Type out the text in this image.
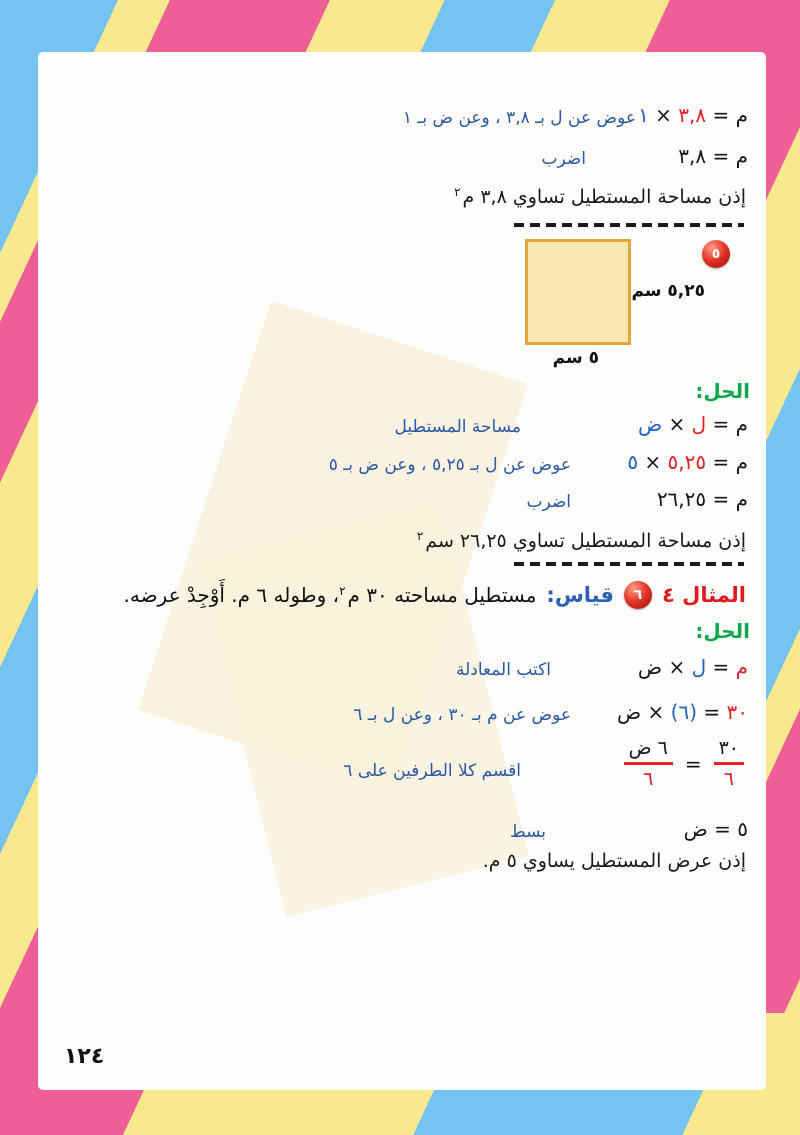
م = ٣,٨ × ١
عوض عن ل بـ ٣,٨ ، وعن ض بـ ١
م = ٣,٨
اضرب
إذن مساحة المستطيل تساوي ٣,٨ م$^٢$
٥
٥,٢٥ سم
٥ سم
الحل:
م = ل × ض
مساحة المستطيل
م = ٥,٢٥ × ٥
عوض عن ل بـ ٥,٢٥ ، وعن ض بـ ٥
م = ٢٦,٢٥
اضرب
إذن مساحة المستطيل تساوي ٢٦,٢٥ سم$^٢$
المثال ٤
٦
قياس:
مستطيل مساحته ٣٠ م$^٢$، وطوله ٦ م. أَوْجِدْ عرضه.
الحل:
م = ل × ض
اكتب المعادلة
٣٠ = (٦) × ض
عوض عن م بـ ٣٠ ، وعن ل بـ ٦
$\frac{٣٠}{٦}$
=
$\frac{\text{٦ ض}}{٦}$
اقسم كلا الطرفين على ٦
٥ = ض
بسط
إذن عرض المستطيل يساوي ٥ م.
١٢٤
